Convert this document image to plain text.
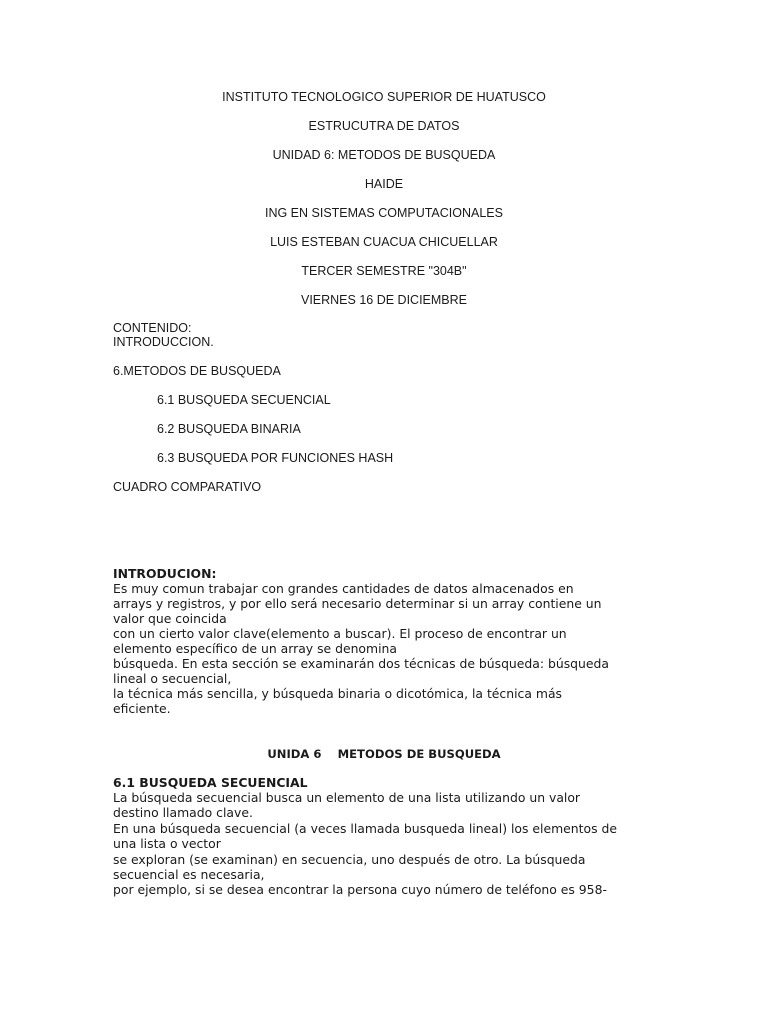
INSTITUTO TECNOLOGICO SUPERIOR DE HUATUSCO
ESTRUCUTRA DE DATOS
UNIDAD 6: METODOS DE BUSQUEDA
HAIDE
ING EN SISTEMAS COMPUTACIONALES
LUIS ESTEBAN CUACUA CHICUELLAR
TERCER SEMESTRE "304B"
VIERNES 16 DE DICIEMBRE
CONTENIDO:
INTRODUCCION.
6.METODOS DE BUSQUEDA
6.1 BUSQUEDA SECUENCIAL
6.2 BUSQUEDA BINARIA
6.3 BUSQUEDA POR FUNCIONES HASH
CUADRO COMPARATIVO
INTRODUCION:
Es muy comun trabajar con grandes cantidades de datos almacenados en
arrays y registros, y por ello será necesario determinar si un array contiene un
valor que coincida
con un cierto valor clave(elemento a buscar). El proceso de encontrar un
elemento específico de un array se denomina
búsqueda. En esta sección se examinarán dos técnicas de búsqueda: búsqueda
lineal o secuencial,
la técnica más sencilla, y búsqueda binaria o dicotómica, la técnica más
eficiente.
UNIDA 6    METODOS DE BUSQUEDA
6.1 BUSQUEDA SECUENCIAL
La búsqueda secuencial busca un elemento de una lista utilizando un valor
destino llamado clave.
En una búsqueda secuencial (a veces llamada busqueda lineal) los elementos de
una lista o vector
se exploran (se examinan) en secuencia, uno después de otro. La búsqueda
secuencial es necesaria,
por ejemplo, si se desea encontrar la persona cuyo número de teléfono es 958-
